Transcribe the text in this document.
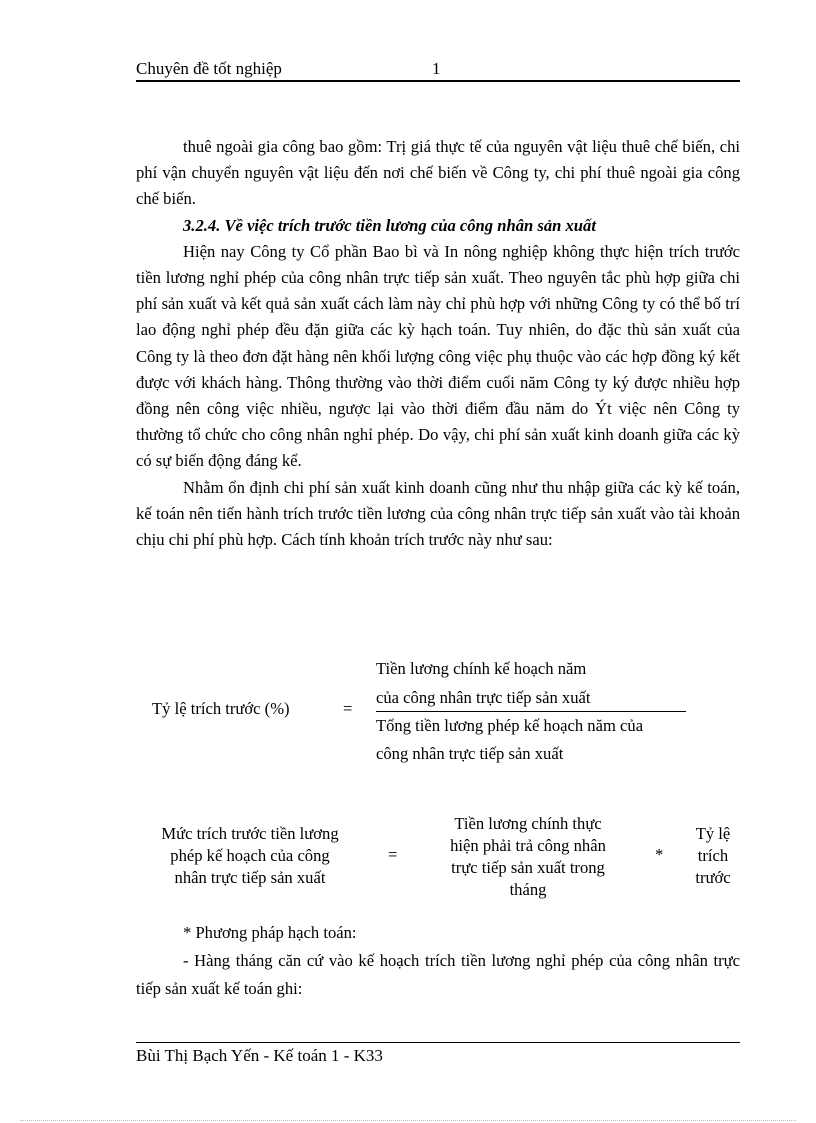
Chuyên đề tốt nghiệp	1

thuê ngoài gia công bao gồm: Trị giá thực tế của nguyên vật liệu thuê chế biến, chi phí vận chuyển nguyên vật liệu đến nơi chế biến về Công ty, chi phí thuê ngoài gia công chế biến.

3.2.4. Về việc trích trước tiền lương của công nhân sản xuất

Hiện nay Công ty Cổ phần Bao bì và In nông nghiệp không thực hiện trích trước tiền lương nghỉ phép của công nhân trực tiếp sản xuất. Theo nguyên tắc phù hợp giữa chi phí sản xuất và kết quả sản xuất cách làm này chỉ phù hợp với những Công ty có thể bố trí lao động nghỉ phép đều đặn giữa các kỳ hạch toán. Tuy nhiên, do đặc thù sản xuất của Công ty là theo đơn đặt hàng nên khối lượng công việc phụ thuộc vào các hợp đồng ký kết được với khách hàng. Thông thường vào thời điểm cuối năm Công ty ký được nhiều hợp đồng nên công việc nhiều, ngược lại vào thời điểm đầu năm do Ýt việc nên Công ty thường tổ chức cho công nhân nghỉ phép. Do vậy, chi phí sản xuất kinh doanh giữa các kỳ có sự biến động đáng kể.

Nhằm ổn định chi phí sản xuất kinh doanh cũng như thu nhập giữa các kỳ kế toán, kế toán nên tiến hành trích trước tiền lương của công nhân trực tiếp sản xuất vào tài khoản chịu chi phí phù hợp. Cách tính khoản trích trước này như sau:

Tỷ lệ trích trước (%)	=
Tiền lương chính kế hoạch năm
của công nhân trực tiếp sản xuất
Tổng tiền lương phép kế hoạch năm của
công nhân trực tiếp sản xuất
Mức trích trước tiền lương
phép kế hoạch của công
nhân trực tiếp sản xuất
=
Tiền lương chính thực
hiện phải trả công nhân
trực tiếp sản xuất trong
tháng
*
Tỷ lệ
trích
trước

* Phương pháp hạch toán:

- Hàng tháng căn cứ vào kế hoạch trích tiền lương nghỉ phép của công nhân trực tiếp sản xuất kế toán ghi:

Bùi Thị Bạch Yến - Kế toán 1 - K33
